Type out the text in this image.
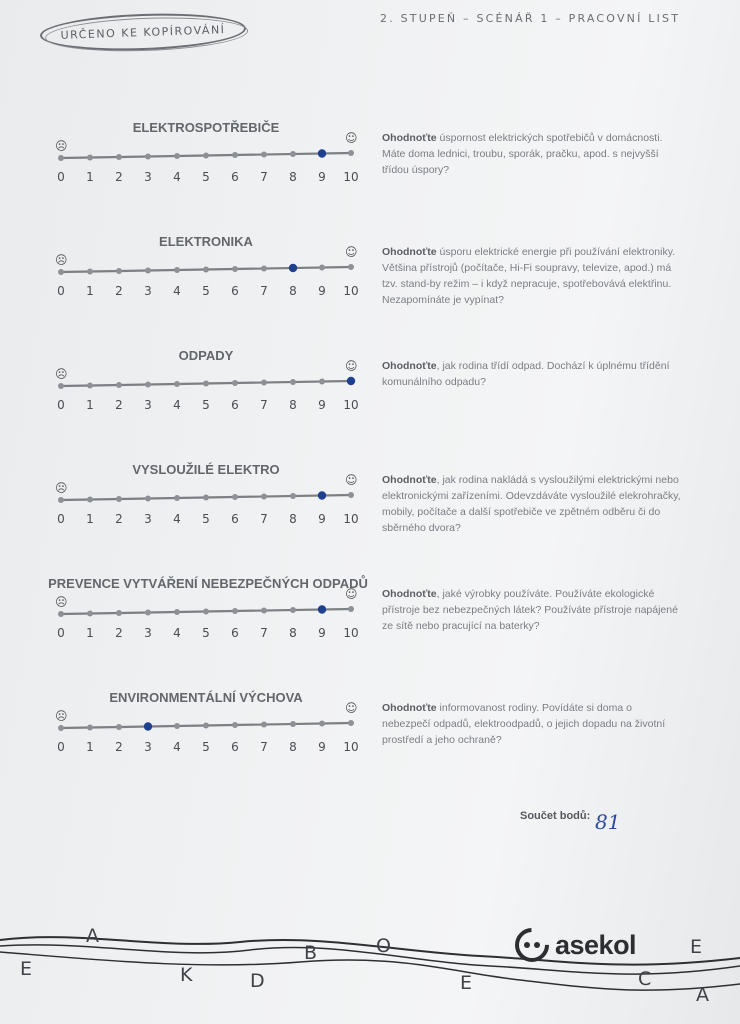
URČENO KE KOPÍROVÁNÍ
2. STUPEŇ – SCÉNÁŘ 1 – PRACOVNÍ LIST
ELEKTROSPOTŘEBIČE
☹
☺
0 1 2 3 4 5 6 7 8 9 10
Ohodnoťte úspornost elektrických spotřebičů v domácnosti. Máte doma lednici, troubu, sporák, pračku, apod. s nejvyšší třídou úspory?
ELEKTRONIKA
☹
☺
0 1 2 3 4 5 6 7 8 9 10
Ohodnoťte úsporu elektrické energie při používání elektroniky. Většina přístrojů (počítače, Hi-Fi soupravy, televize, apod.) má tzv. stand-by režim – i když nepracuje, spotřebovává elektřinu. Nezapomínáte je vypínat?
ODPADY
☹
☺
0 1 2 3 4 5 6 7 8 9 10
Ohodnoťte, jak rodina třídí odpad. Dochází k úplnému třídění komunálního odpadu?
VYSLOUŽILÉ ELEKTRO
☹
☺
0 1 2 3 4 5 6 7 8 9 10
Ohodnoťte, jak rodina nakládá s vysloužilými elektrickými nebo elektronickými zařízeními. Odevzdáváte vysloužilé elekrohračky, mobily, počítače a další spotřebiče ve zpětném odběru či do sběrného dvora?
PREVENCE VYTVÁŘENÍ NEBEZPEČNÝCH ODPADŮ
☹
☺
0 1 2 3 4 5 6 7 8 9 10
Ohodnoťte, jaké výrobky používáte. Používáte ekologické přístroje bez nebezpečných látek? Používáte přístroje napájené ze sítě nebo pracující na baterky?
ENVIRONMENTÁLNÍ VÝCHOVA
☹
☺
0 1 2 3 4 5 6 7 8 9 10
Ohodnoťte informovanost rodiny. Povídáte si doma o nebezpečí odpadů, elektroodpadů, o jejich dopadu na životní prostředí a jeho ochraně?
Součet bodů: 81
A
E	K	D
B	O
E
E
C
A
asekol
